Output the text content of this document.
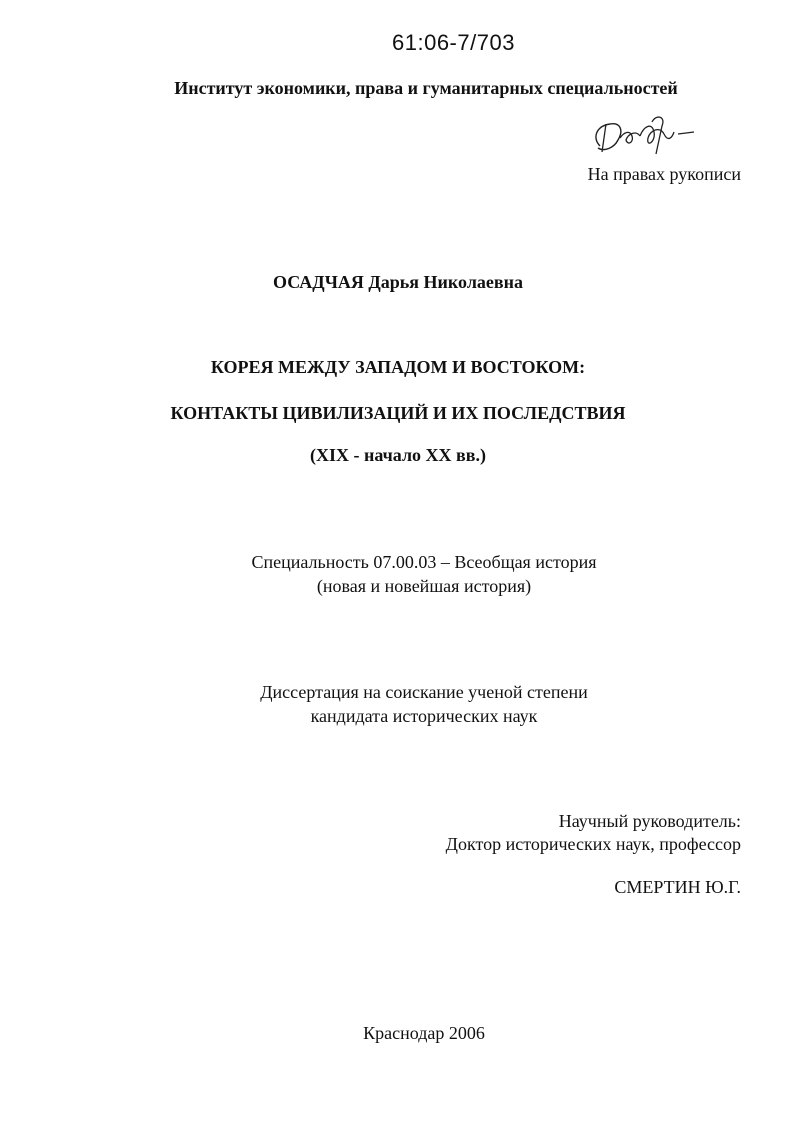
61:06-7/703
Институт экономики, права и гуманитарных специальностей
На правах рукописи
ОСАДЧАЯ Дарья Николаевна
КОРЕЯ МЕЖДУ ЗАПАДОМ И ВОСТОКОМ:
КОНТАКТЫ ЦИВИЛИЗАЦИЙ И ИХ ПОСЛЕДСТВИЯ
(XIX - начало XX вв.)
Специальность 07.00.03 – Всеобщая история
(новая и новейшая история)
Диссертация на соискание ученой степени
кандидата исторических наук
Научный руководитель:
Доктор исторических наук, профессор
СМЕРТИН Ю.Г.
Краснодар 2006
